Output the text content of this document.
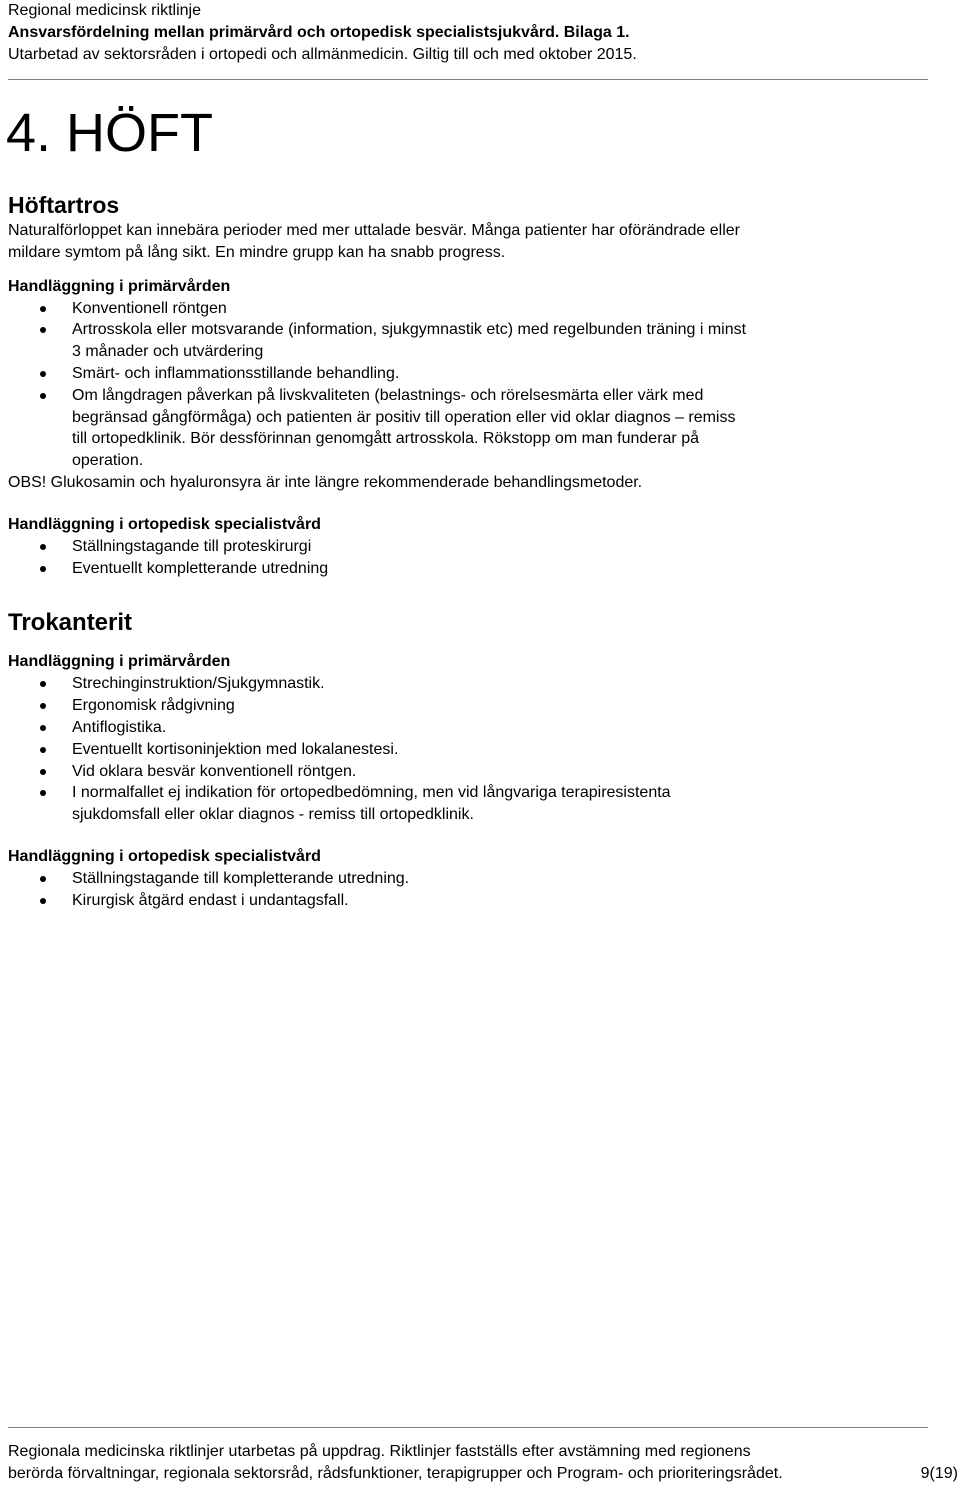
Regional medicinsk riktlinje
Ansvarsfördelning mellan primärvård och ortopedisk specialistsjukvård. Bilaga 1.
Utarbetad av sektorsråden i ortopedi och allmänmedicin. Giltig till och med oktober 2015.
4. HÖFT
Höftartros
Naturalförloppet kan innebära perioder med mer uttalade besvär. Många patienter har oförändrade eller
mildare symtom på lång sikt. En mindre grupp kan ha snabb progress.
Handläggning i primärvården
Konventionell röntgen
Artrosskola eller motsvarande (information, sjukgymnastik etc) med regelbunden träning i minst
3 månader och utvärdering
Smärt- och inflammationsstillande behandling.
Om långdragen påverkan på livskvaliteten (belastnings- och rörelsesmärta eller värk med
begränsad gångförmåga) och patienten är positiv till operation eller vid oklar diagnos – remiss
till ortopedklinik. Bör dessförinnan genomgått artrosskola. Rökstopp om man funderar på
operation.
OBS! Glukosamin och hyaluronsyra är inte längre rekommenderade behandlingsmetoder.
Handläggning i ortopedisk specialistvård
Ställningstagande till proteskirurgi
Eventuellt kompletterande utredning
Trokanterit
Handläggning i primärvården
Strechinginstruktion/Sjukgymnastik.
Ergonomisk rådgivning
Antiflogistika.
Eventuellt kortisoninjektion med lokalanestesi.
Vid oklara besvär konventionell röntgen.
I normalfallet ej indikation för ortopedbedömning, men vid långvariga terapiresistenta
sjukdomsfall eller oklar diagnos - remiss till ortopedklinik.
Handläggning i ortopedisk specialistvård
Ställningstagande till kompletterande utredning.
Kirurgisk åtgärd endast i undantagsfall.
Regionala medicinska riktlinjer utarbetas på uppdrag. Riktlinjer fastställs efter avstämning med regionens
berörda förvaltningar, regionala sektorsråd, rådsfunktioner, terapigrupper och Program- och prioriteringsrådet.	9(19)
